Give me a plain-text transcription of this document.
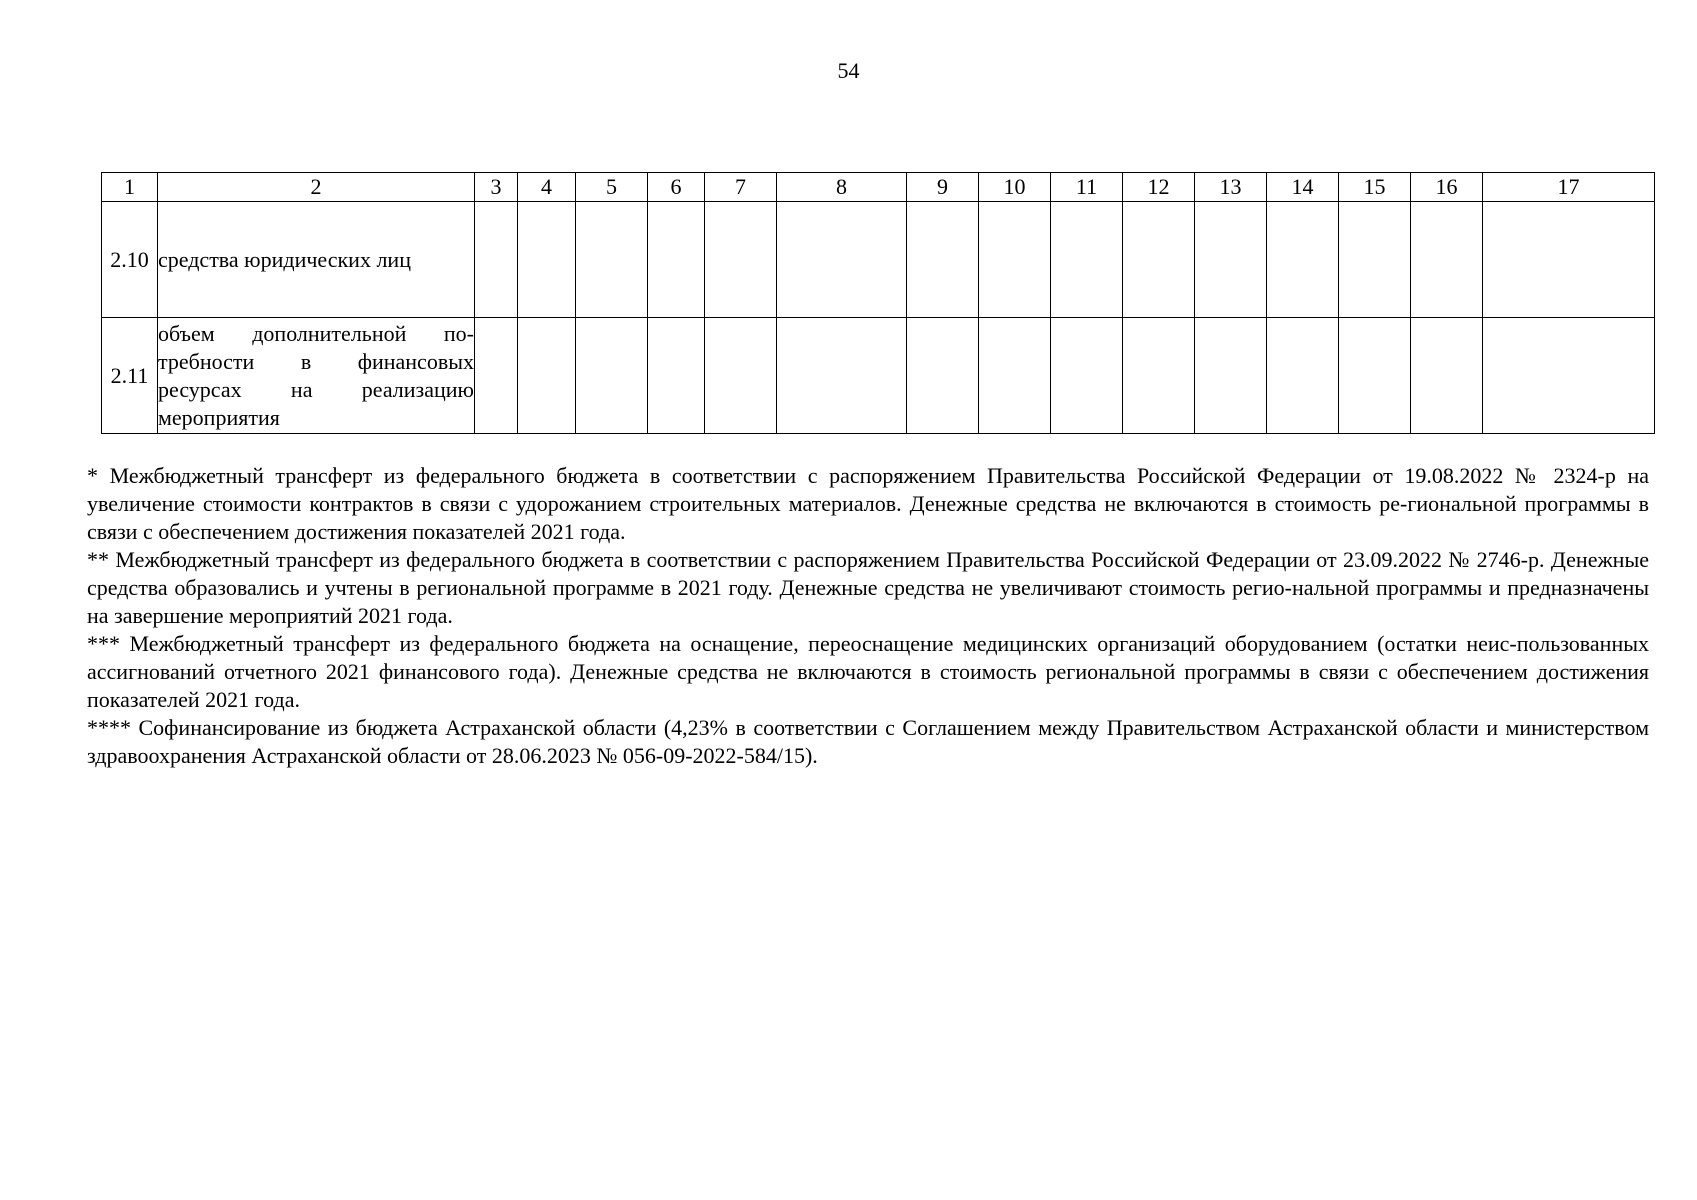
54
1	2	3	4	5	6	7	8	9	10	11	12	13	14	15	16	17
2.10	средства юридических лиц															
2.11	объем дополнительной по-требности в финансовых ресурсах на реализацию мероприятия															

* Межбюджетный трансферт из федерального бюджета в соответствии с распоряжением Правительства Российской Федерации от 19.08.2022 № 2324-р на увеличение стоимости контрактов в связи с удорожанием строительных материалов. Денежные средства не включаются в стоимость ре-гиональной программы в связи с обеспечением достижения показателей 2021 года.

** Межбюджетный трансферт из федерального бюджета в соответствии с распоряжением Правительства Российской Федерации от 23.09.2022 № 2746-р. Денежные средства образовались и учтены в региональной программе в 2021 году. Денежные средства не увеличивают стоимость регио-нальной программы и предназначены на завершение мероприятий 2021 года.

*** Межбюджетный трансферт из федерального бюджета на оснащение, переоснащение медицинских организаций оборудованием (остатки неис-пользованных ассигнований отчетного 2021 финансового года). Денежные средства не включаются в стоимость региональной программы в связи с обеспечением достижения показателей 2021 года.

**** Софинансирование из бюджета Астраханской области (4,23% в соответствии с Соглашением между Правительством Астраханской области и министерством здравоохранения Астраханской области от 28.06.2023 № 056-09-2022-584/15).
